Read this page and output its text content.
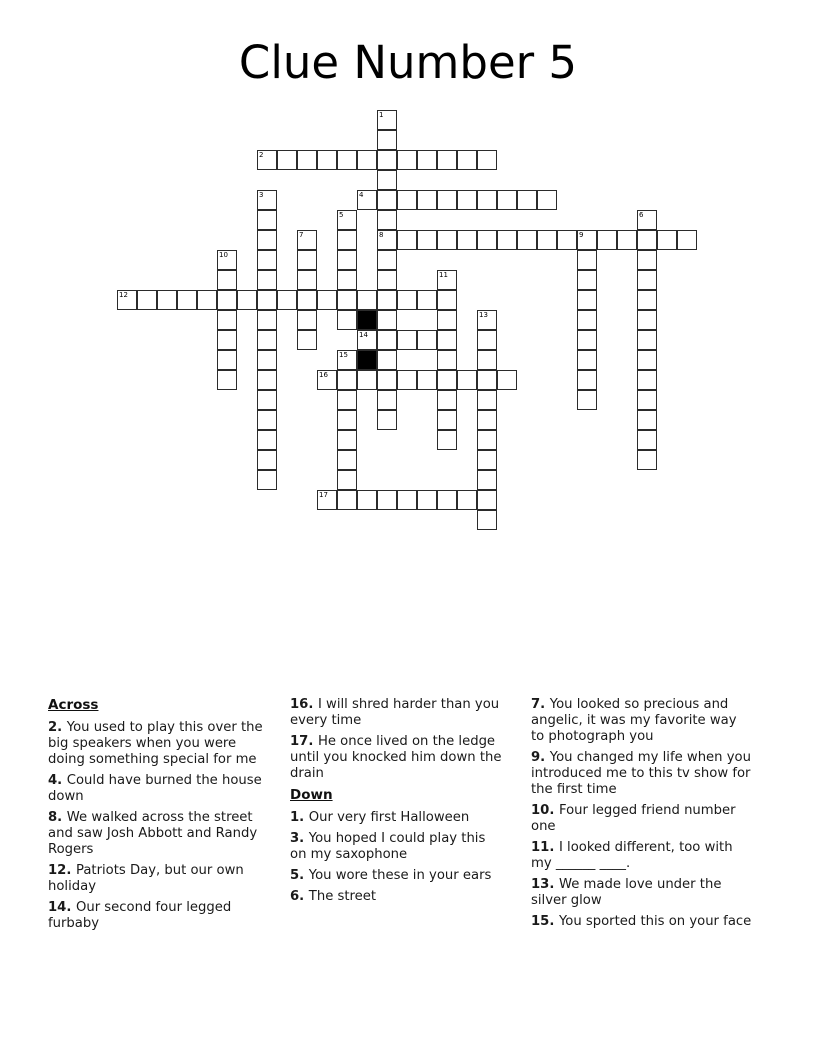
Clue Number 5
1
2
3	4
5	6
7	8	9
10
11
12
13
14
15
16
17
Across

2. You used to play this over the big speakers when you were doing something special for me

4. Could have burned the house down

8. We walked across the street and saw Josh Abbott and Randy Rogers

12. Patriots Day, but our own holiday

14. Our second four legged furbaby

16. I will shred harder than you every time

17. He once lived on the ledge until you knocked him down the drain

Down

1. Our very first Halloween

3. You hoped I could play this on my saxophone

5. You wore these in your ears

6. The street

7. You looked so precious and angelic, it was my favorite way to photograph you

9. You changed my life when you introduced me to this tv show for the first time

10. Four legged friend number one

11. I looked different, too with my ______ ____.

13. We made love under the silver glow

15. You sported this on your face
